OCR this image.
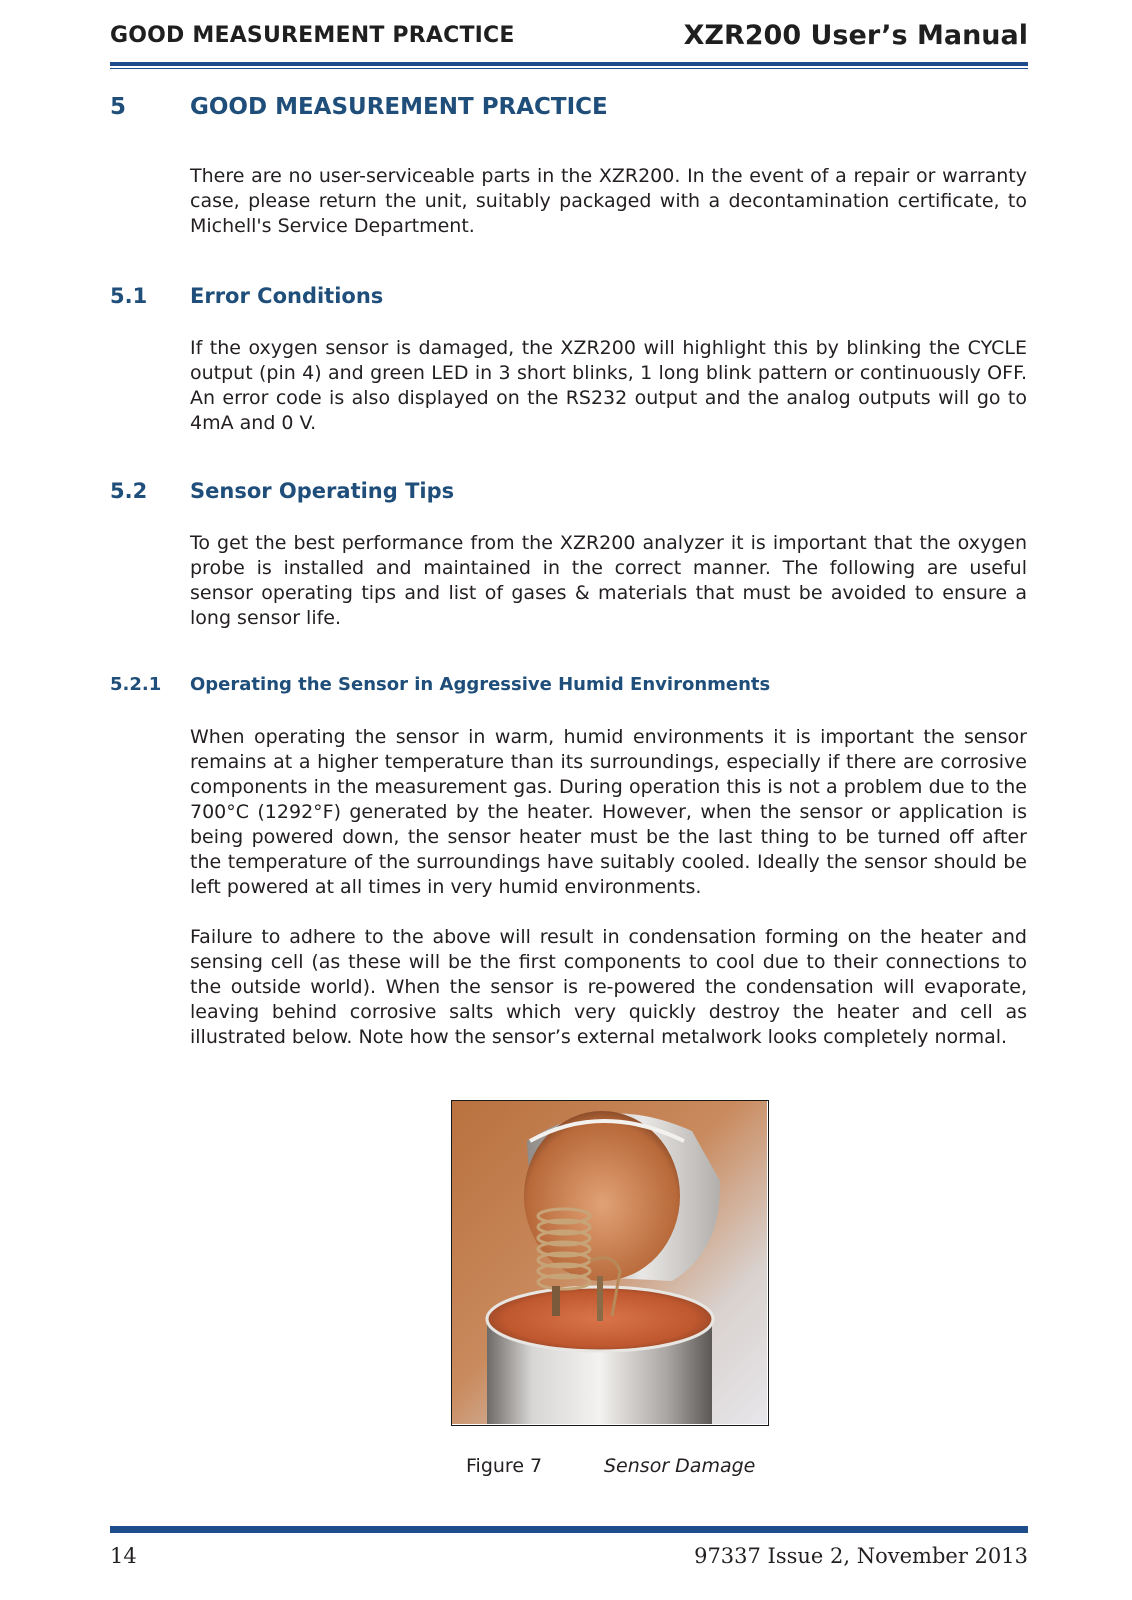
GOOD MEASUREMENT PRACTICE	XZR200 User’s Manual
5	GOOD MEASUREMENT PRACTICE

There are no user-serviceable parts in the XZR200. In the event of a repair or warranty case, please return the unit, suitably packaged with a decontamination certificate, to Michell's Service Department.

5.1 Error Conditions

If the oxygen sensor is damaged, the XZR200 will highlight this by blinking the CYCLE output (pin 4) and green LED in 3 short blinks, 1 long blink pattern or continuously OFF. An error code is also displayed on the RS232 output and the analog outputs will go to 4mA and 0 V.

5.2 Sensor Operating Tips

To get the best performance from the XZR200 analyzer it is important that the oxygen probe is installed and maintained in the correct manner. The following are useful sensor operating tips and list of gases & materials that must be avoided to ensure a long sensor life.

5.2.1 Operating the Sensor in Aggressive Humid Environments

When operating the sensor in warm, humid environments it is important the sensor remains at a higher temperature than its surroundings, especially if there are corrosive components in the measurement gas. During operation this is not a problem due to the 700°C (1292°F) generated by the heater. However, when the sensor or application is being powered down, the sensor heater must be the last thing to be turned off after the temperature of the surroundings have suitably cooled. Ideally the sensor should be left powered at all times in very humid environments.

Failure to adhere to the above will result in condensation forming on the heater and sensing cell (as these will be the first components to cool due to their connections to the outside world). When the sensor is re-powered the condensation will evaporate, leaving behind corrosive salts which very quickly destroy the heater and cell as illustrated below. Note how the sensor’s external metalwork looks completely normal.

Figure 7	Sensor Damage
14	97337 Issue 2, November 2013
